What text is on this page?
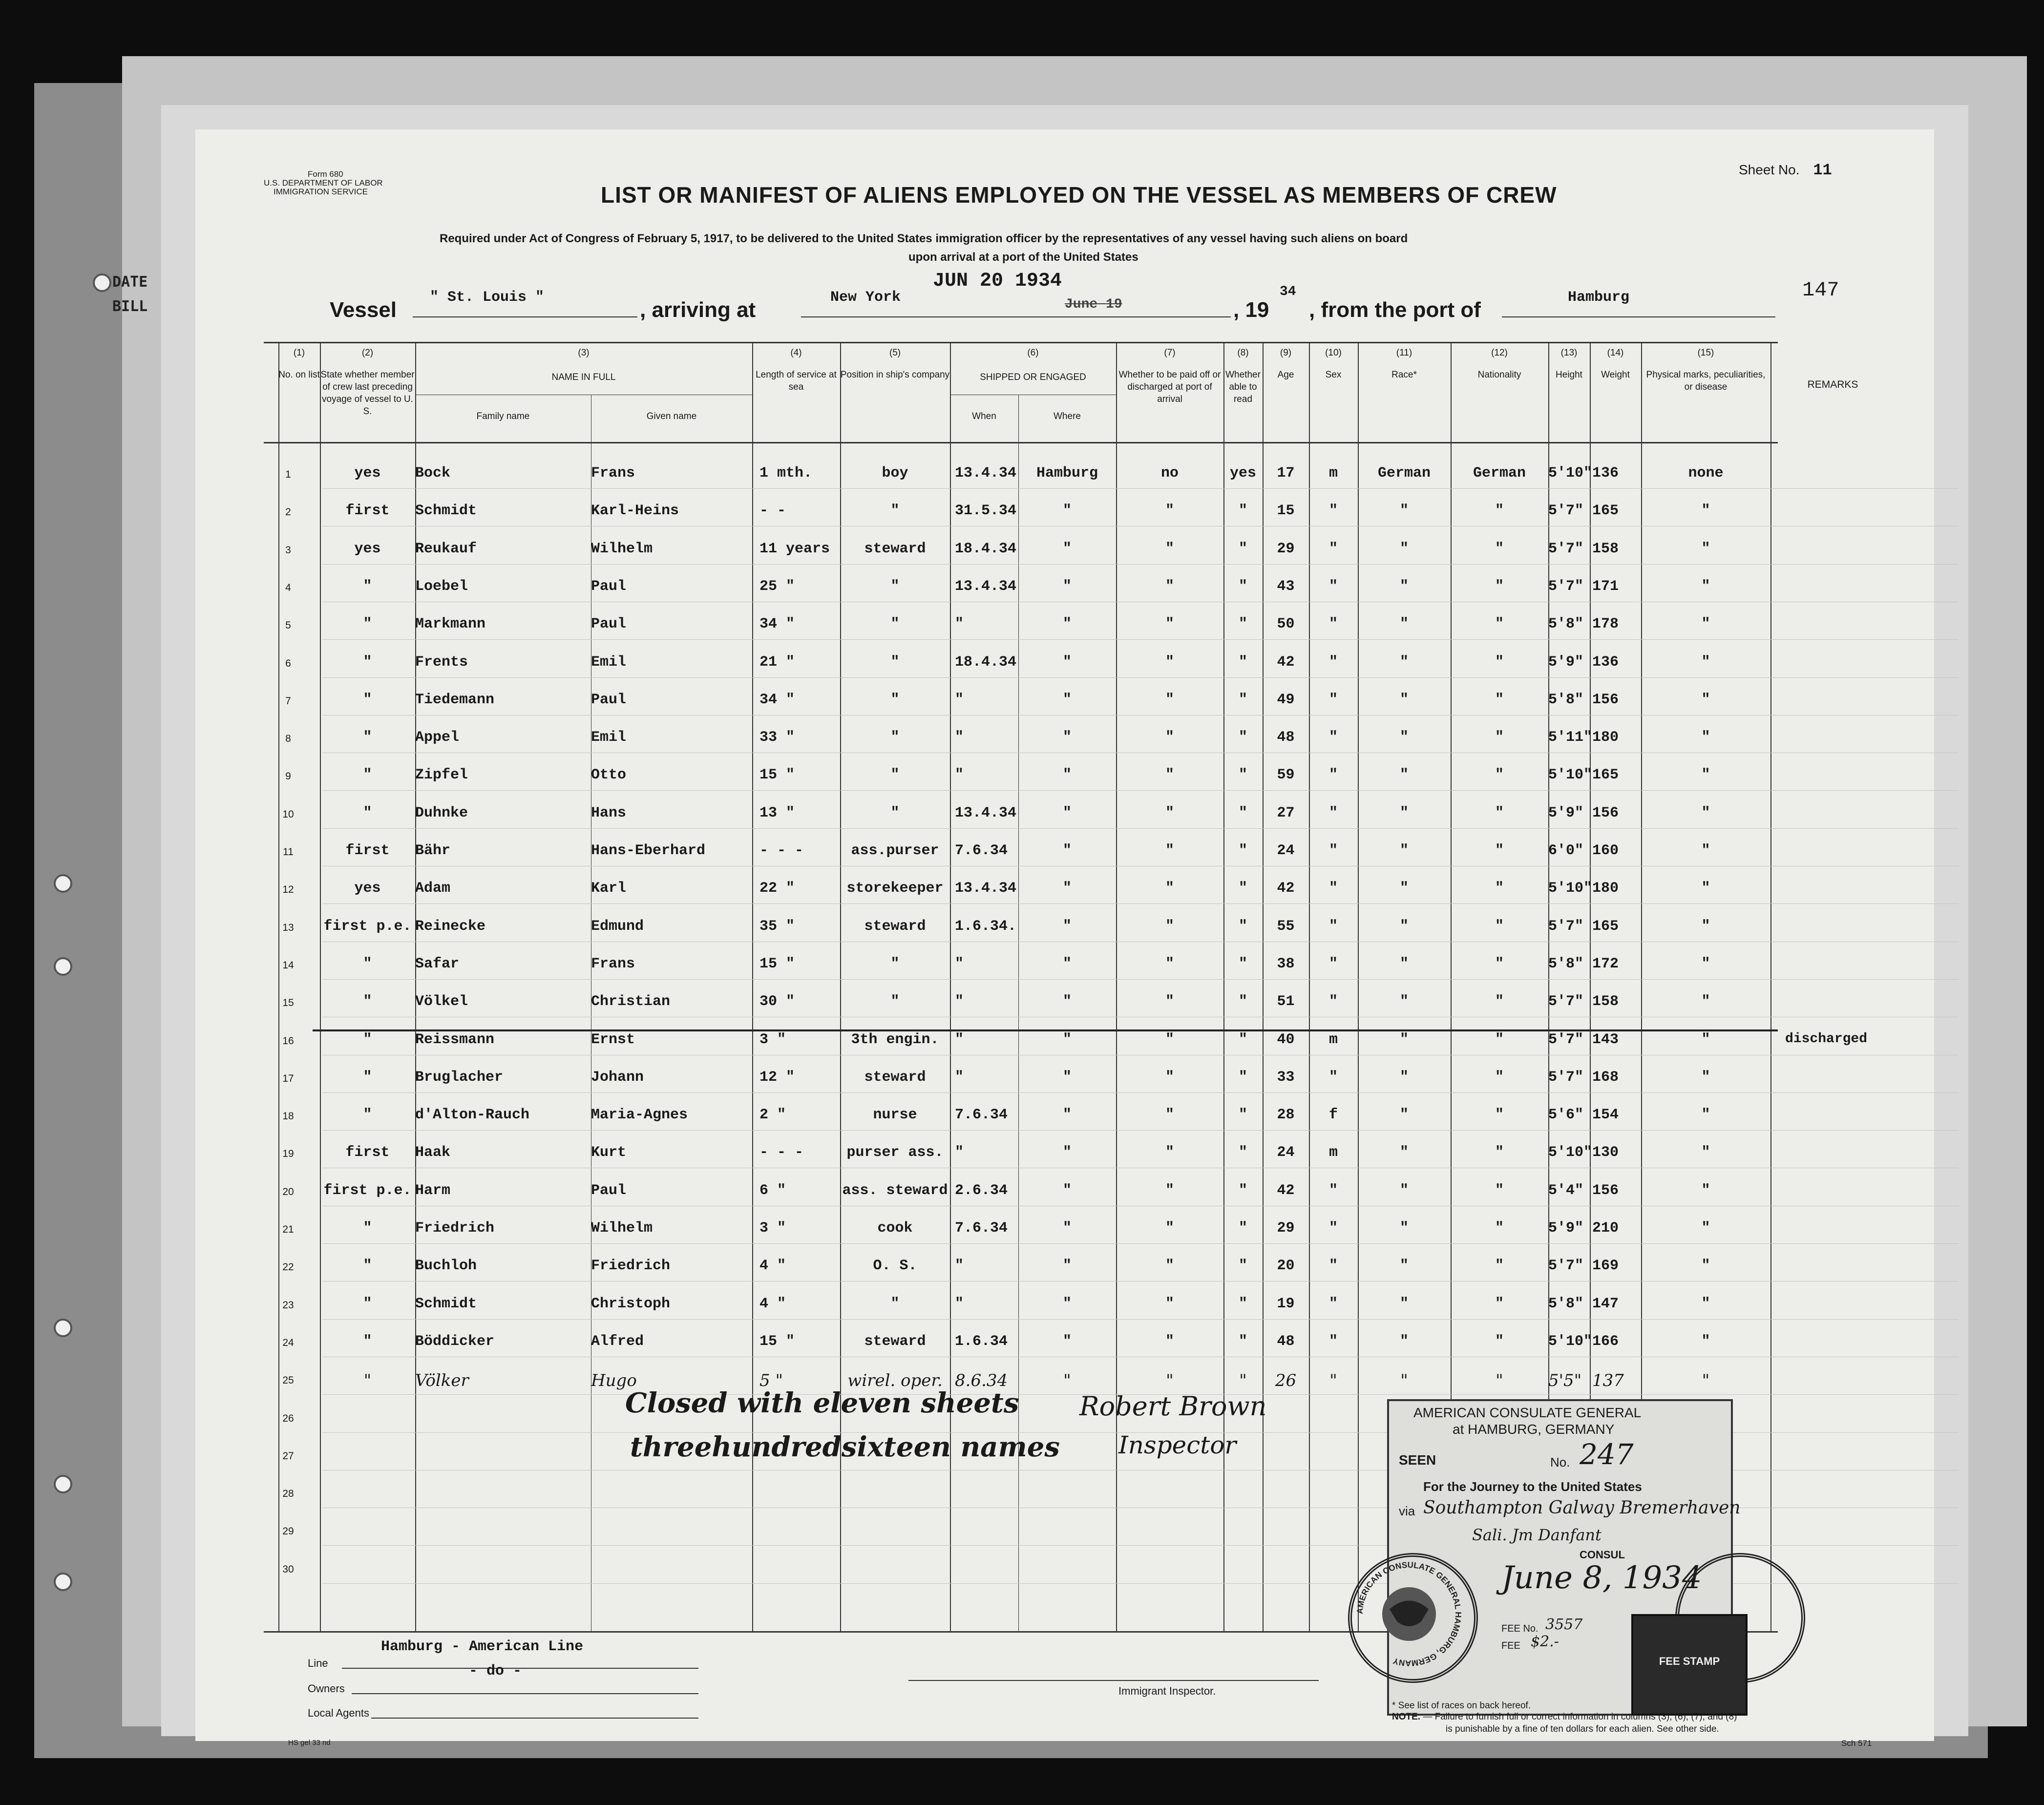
DATE
BILL
Form 680
U.S. DEPARTMENT OF LABOR
IMMIGRATION SERVICE
Sheet No. 11
LIST OR MANIFEST OF ALIENS EMPLOYED ON THE VESSEL AS MEMBERS OF CREW
Required under Act of Congress of February 5, 1917, to be delivered to the United States immigration officer by the representatives of any vessel having such aliens on board
upon arrival at a port of the United States
JUN 20 1934	147
Vessel
" St. Louis "
, arriving at
New York	June 19	, 19
34
, from the port of
Hamburg
(1)
No. on list
(2)
State whether member of crew last preceding voyage of vessel to U. S.
(3)
NAME IN FULL
Family name	Given name
(4)
Length of service at sea
(5)
Position in ship's company
(6)
SHIPPED OR ENGAGED
When	Where
(7)
Whether to be paid off or discharged at port of arrival
(8)
Whether able to read
(9)
Age
(10)
Sex
(11)
Race*
(12)
Nationality
(13)
Height
(14)
Weight
(15)
Physical marks, peculiarities, or disease	REMARKS
1	yes	Bock	Frans	1 mth.	boy	13.4.34	Hamburg	no	yes	17	m	German	German	5'10" 136	none
2	first	Schmidt	Karl-Heins	- -	"	31.5.34	"	"	"	15	"	"	"	5'7" 165	"
3	yes	Reukauf	Wilhelm	11 years	steward	18.4.34	"	"	"	29	"	"	"	5'7" 158	"
4	"	Loebel	Paul	25 "	"	13.4.34	"	"	"	43	"	"	"	5'7" 171	"
5	"	Markmann	Paul	34 "	"	"	"	"	"	50	"	"	"	5'8" 178	"
6	"	Frents	Emil	21 "	"	18.4.34	"	"	"	42	"	"	"	5'9" 136	"
7	"	Tiedemann	Paul	34 "	"	"	"	"	"	49	"	"	"	5'8" 156	"
8	"	Appel	Emil	33 "	"	"	"	"	"	48	"	"	"	5'11" 180	"
9	"	Zipfel	Otto	15 "	"	"	"	"	"	59	"	"	"	5'10" 165	"
10	"	Duhnke	Hans	13 "	"	13.4.34	"	"	"	27	"	"	"	5'9" 156	"
11	first	Bähr	Hans-Eberhard	- - -	ass.purser	7.6.34	"	"	"	24	"	"	"	6'0" 160	"
12	yes	Adam	Karl	22 "	storekeeper 13.4.34	"	"	"	42	"	"	"	5'10" 180	"
13	first p.e. Reinecke	Edmund	35 "	steward	1.6.34.	"	"	"	55	"	"	"	5'7" 165	"
14	"	Safar	Frans	15 "	"	"	"	"	"	38	"	"	"	5'8" 172	"
15	"	Völkel	Christian	30 "	"	"	"	"	"	51	"	"	"	5'7" 158	"
16	"	Reissmann	Ernst	3 "	3th engin.	"	"	"	"	40	m	"	"	5'7" 143	"	discharged
17	"	Bruglacher	Johann	12 "	steward	"	"	"	"	33	"	"	"	5'7" 168	"
18	"	d'Alton-Rauch	Maria-Agnes	2 "	nurse	7.6.34	"	"	"	28	f	"	"	5'6" 154	"
19	first	Haak	Kurt	- - -	purser ass. "	"	"	"	24	m	"	"	5'10" 130	"
20	first p.e. Harm	Paul	6 "	ass. steward 2.6.34	"	"	"	42	"	"	"	5'4" 156	"
21	"	Friedrich	Wilhelm	3 "	cook	7.6.34	"	"	"	29	"	"	"	5'9" 210	"
22	"	Buchloh	Friedrich	4 "	O. S.	"	"	"	"	20	"	"	"	5'7" 169	"
23	"	Schmidt	Christoph	4 "	"	"	"	"	"	19	"	"	"	5'8" 147	"
24	"	Böddicker	Alfred	15 "	steward	1.6.34	"	"	"	48	"	"	"	5'10" 166	"
25	"	Völker	Hugo	5 "	wirel. oper. 8.6.34	"	"	"	26	"	"	"	5'5" 137	"
26
27
28
29
30
Closed with eleven sheets
threehundredsixteen names
Robert Brown
Inspector
AMERICAN CONSULATE GENERAL
at HAMBURG, GERMANY
SEEN	No. 247
For the Journey to the United States
via Southampton Galway Bremerhaven
Sali. Jm Danfant
CONSUL
June 8, 1934
FEE No. 3557
FEE $2.-
AMERICAN CONSULATE GENERAL HAMBURG, GERMANY	FEE STAMP
Hamburg - American Line
Line	- do -
Owners
Local Agents
Immigrant Inspector.
* See list of races on back hereof.
NOTE. — Failure to furnish full or correct information in columns (3), (6), (7), and (8)
is punishable by a fine of ten dollars for each alien. See other side.
HS gel 33 nd	Sch 571
